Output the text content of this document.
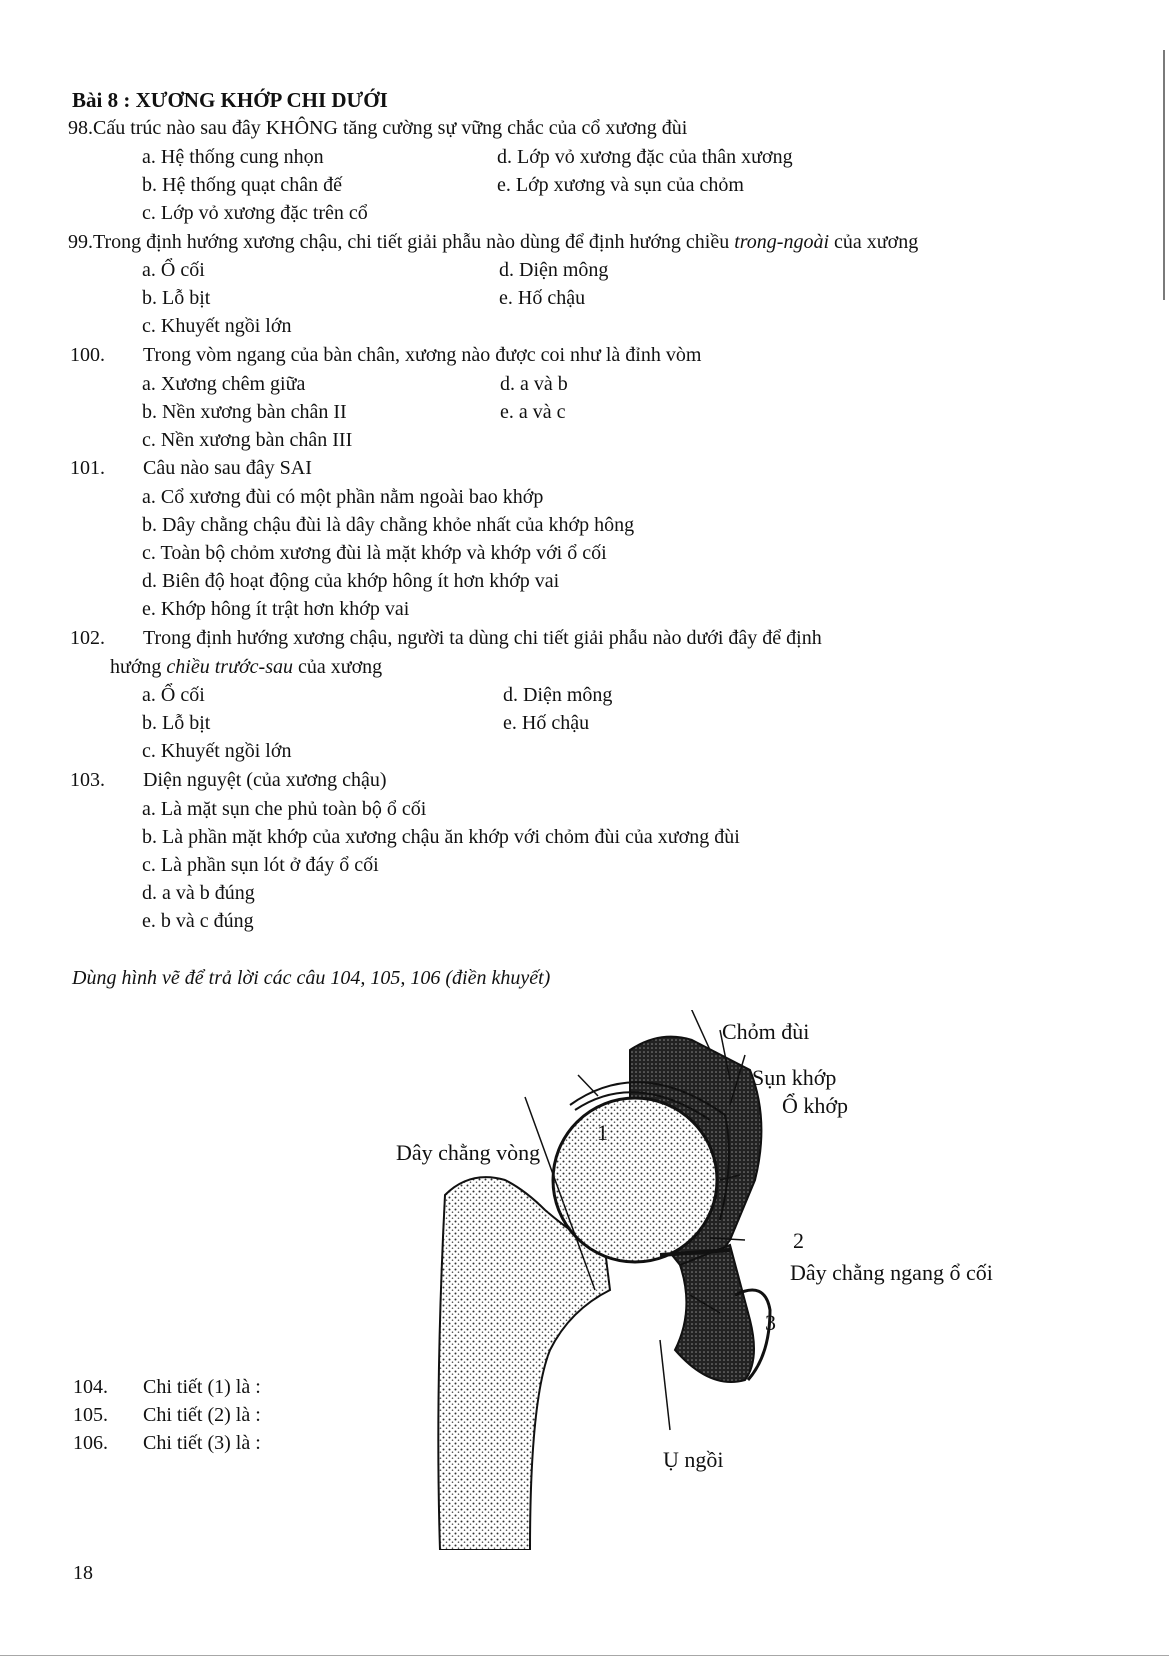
Bài 8 : XƯƠNG KHỚP CHI DƯỚI
98.Cấu trúc nào sau đây KHÔNG tăng cường sự vững chắc của cổ xương đùi
a. Hệ thống cung nhọn
b. Hệ thống quạt chân đế
c. Lớp vỏ xương đặc trên cổ
d. Lớp vỏ xương đặc của thân xương
e. Lớp xương và sụn của chỏm
99.Trong định hướng xương chậu, chi tiết giải phẫu nào dùng để định hướng chiều trong-ngoài của xương
a. Ổ cối
b. Lỗ bịt
c. Khuyết ngồi lớn
d. Diện mông
e. Hố chậu
100. Trong vòm ngang của bàn chân, xương nào được coi như là đỉnh vòm
a. Xương chêm giữa
b. Nền xương bàn chân II
c. Nền xương bàn chân III
d. a và b
e. a và c
101. Câu nào sau đây SAI
a. Cổ xương đùi có một phần nằm ngoài bao khớp
b. Dây chằng chậu đùi là dây chằng khỏe nhất của khớp hông
c. Toàn bộ chỏm xương đùi là mặt khớp và khớp với ổ cối
d. Biên độ hoạt động của khớp hông ít hơn khớp vai
e. Khớp hông ít trật hơn khớp vai
102. Trong định hướng xương chậu, người ta dùng chi tiết giải phẫu nào dưới đây để định
hướng chiều trước-sau của xương
a. Ổ cối
b. Lỗ bịt
c. Khuyết ngồi lớn
d. Diện mông
e. Hố chậu
103. Diện nguyệt (của xương chậu)
a. Là mặt sụn che phủ toàn bộ ổ cối
b. Là phần mặt khớp của xương chậu ăn khớp với chỏm đùi của xương đùi
c. Là phần sụn lót ở đáy ổ cối
d. a và b đúng
e. b và c đúng
Dùng hình vẽ để trả lời các câu 104, 105, 106 (điền khuyết)
Chỏm đùi
Sụn khớp
Ổ khớp
1
Dây chằng vòng
2
Dây chằng ngang ổ cối
3
Ụ ngồi
104. Chi tiết (1) là :
105. Chi tiết (2) là :
106. Chi tiết (3) là :
18
